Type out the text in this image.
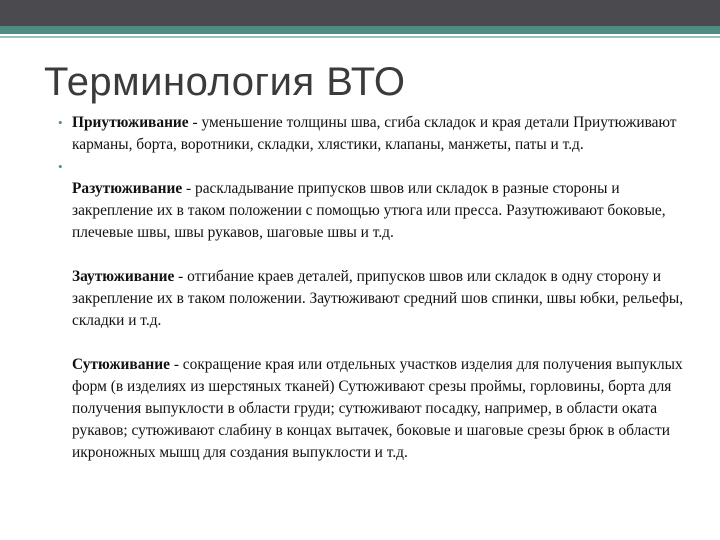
Терминология ВТО
• Приутюживание - уменьшение толщины шва, сгиба складок и края детали Приутюживают карманы, борта, воротники, складки, хлястики, клапаны, манжеты, паты и т.д.
•
Разутюживание - раскладывание припусков швов или складок в разные стороны и закрепление их в таком положении с помощью утюга или пресса. Разутюживают боковые, плечевые швы, швы рукавов, шаговые швы и т.д.
Заутюживание - отгибание краев деталей, припусков швов или складок в одну сторону и закрепление их в таком положении. Заутюживают средний шов спинки, швы юбки, рельефы, складки и т.д.
Сутюживание - сокращение края или отдельных участков изделия для получения выпуклых форм (в изделиях из шерстяных тканей) Сутюживают срезы проймы, горловины, борта для получения выпуклости в области груди; сутюживают посадку, например, в области оката рукавов; сутюживают слабину в концах вытачек, боковые и шаговые срезы брюк в области икроножных мышц для создания выпуклости и т.д.
